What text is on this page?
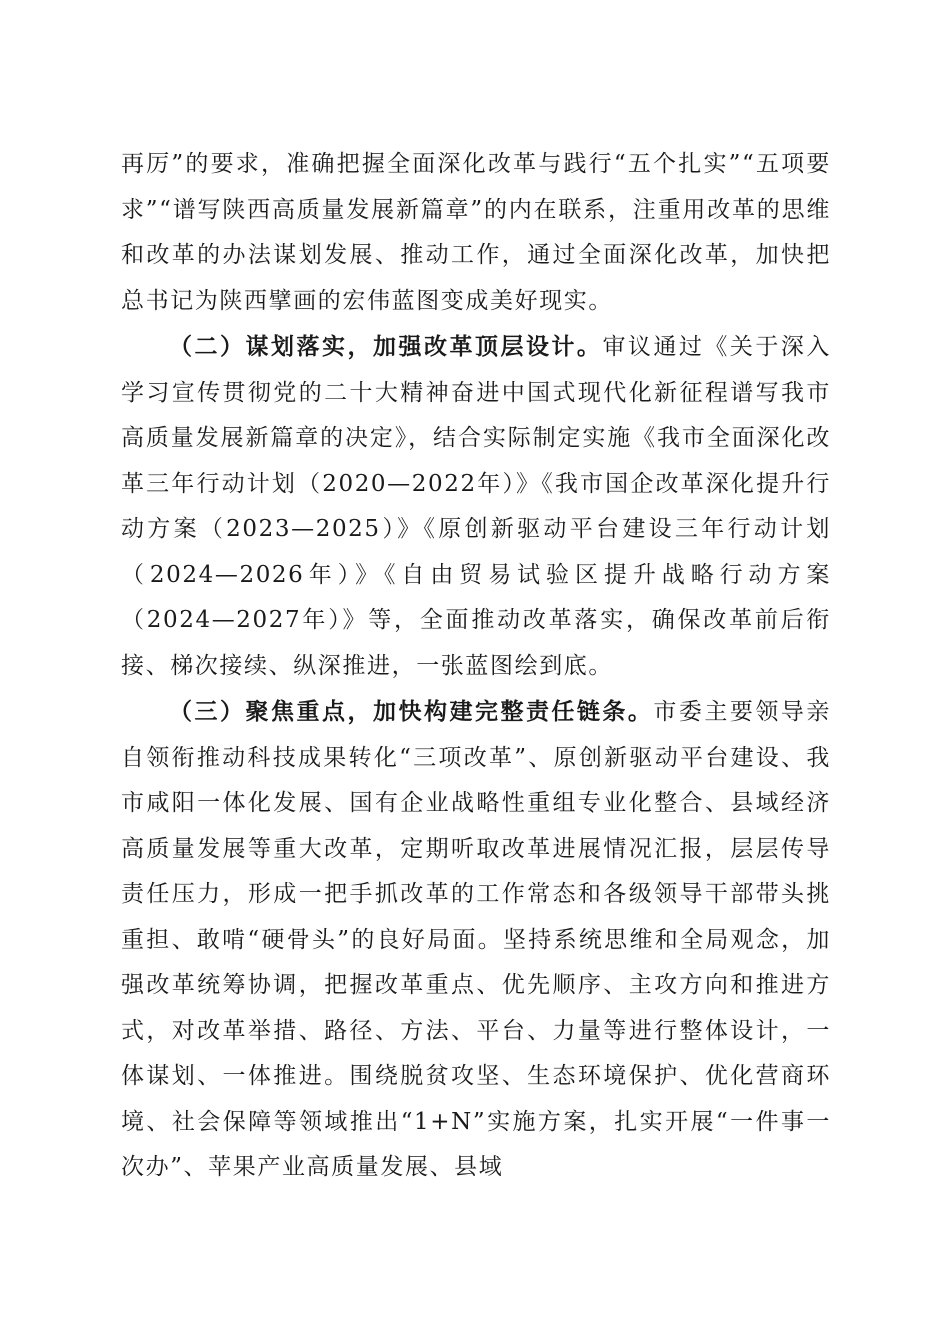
再厉”的要求，准确把握全面深化改革与践行“五个扎实”“五项要求”“谱写陕西高质量发展新篇章”的内在联系，注重用改革的思维和改革的办法谋划发展、推动工作，通过全面深化改革，加快把总书记为陕西擘画的宏伟蓝图变成美好现实。

（二）谋划落实，加强改革顶层设计。审议通过《关于深入学习宣传贯彻党的二十大精神奋进中国式现代化新征程谱写我市高质量发展新篇章的决定》，结合实际制定实施《我市全面深化改革三年行动计划（2020—2022年）》《我市国企改革深化提升行动方案（2023—2025）》《原创新驱动平台建设三年行动计划（2024—2026年）》《自由贸易试验区提升战略行动方案（2024—2027年）》等，全面推动改革落实，确保改革前后衔接、梯次接续、纵深推进，一张蓝图绘到底。

（三）聚焦重点，加快构建完整责任链条。市委主要领导亲自领衔推动科技成果转化“三项改革”、原创新驱动平台建设、我市咸阳一体化发展、国有企业战略性重组专业化整合、县域经济高质量发展等重大改革，定期听取改革进展情况汇报，层层传导责任压力，形成一把手抓改革的工作常态和各级领导干部带头挑重担、敢啃“硬骨头”的良好局面。坚持系统思维和全局观念，加强改革统筹协调，把握改革重点、优先顺序、主攻方向和推进方式，对改革举措、路径、方法、平台、力量等进行整体设计，一体谋划、一体推进。围绕脱贫攻坚、生态环境保护、优化营商环境、社会保障等领域推出“1+N”实施方案，扎实开展“一件事一次办”、苹果产业高质量发展、县域
